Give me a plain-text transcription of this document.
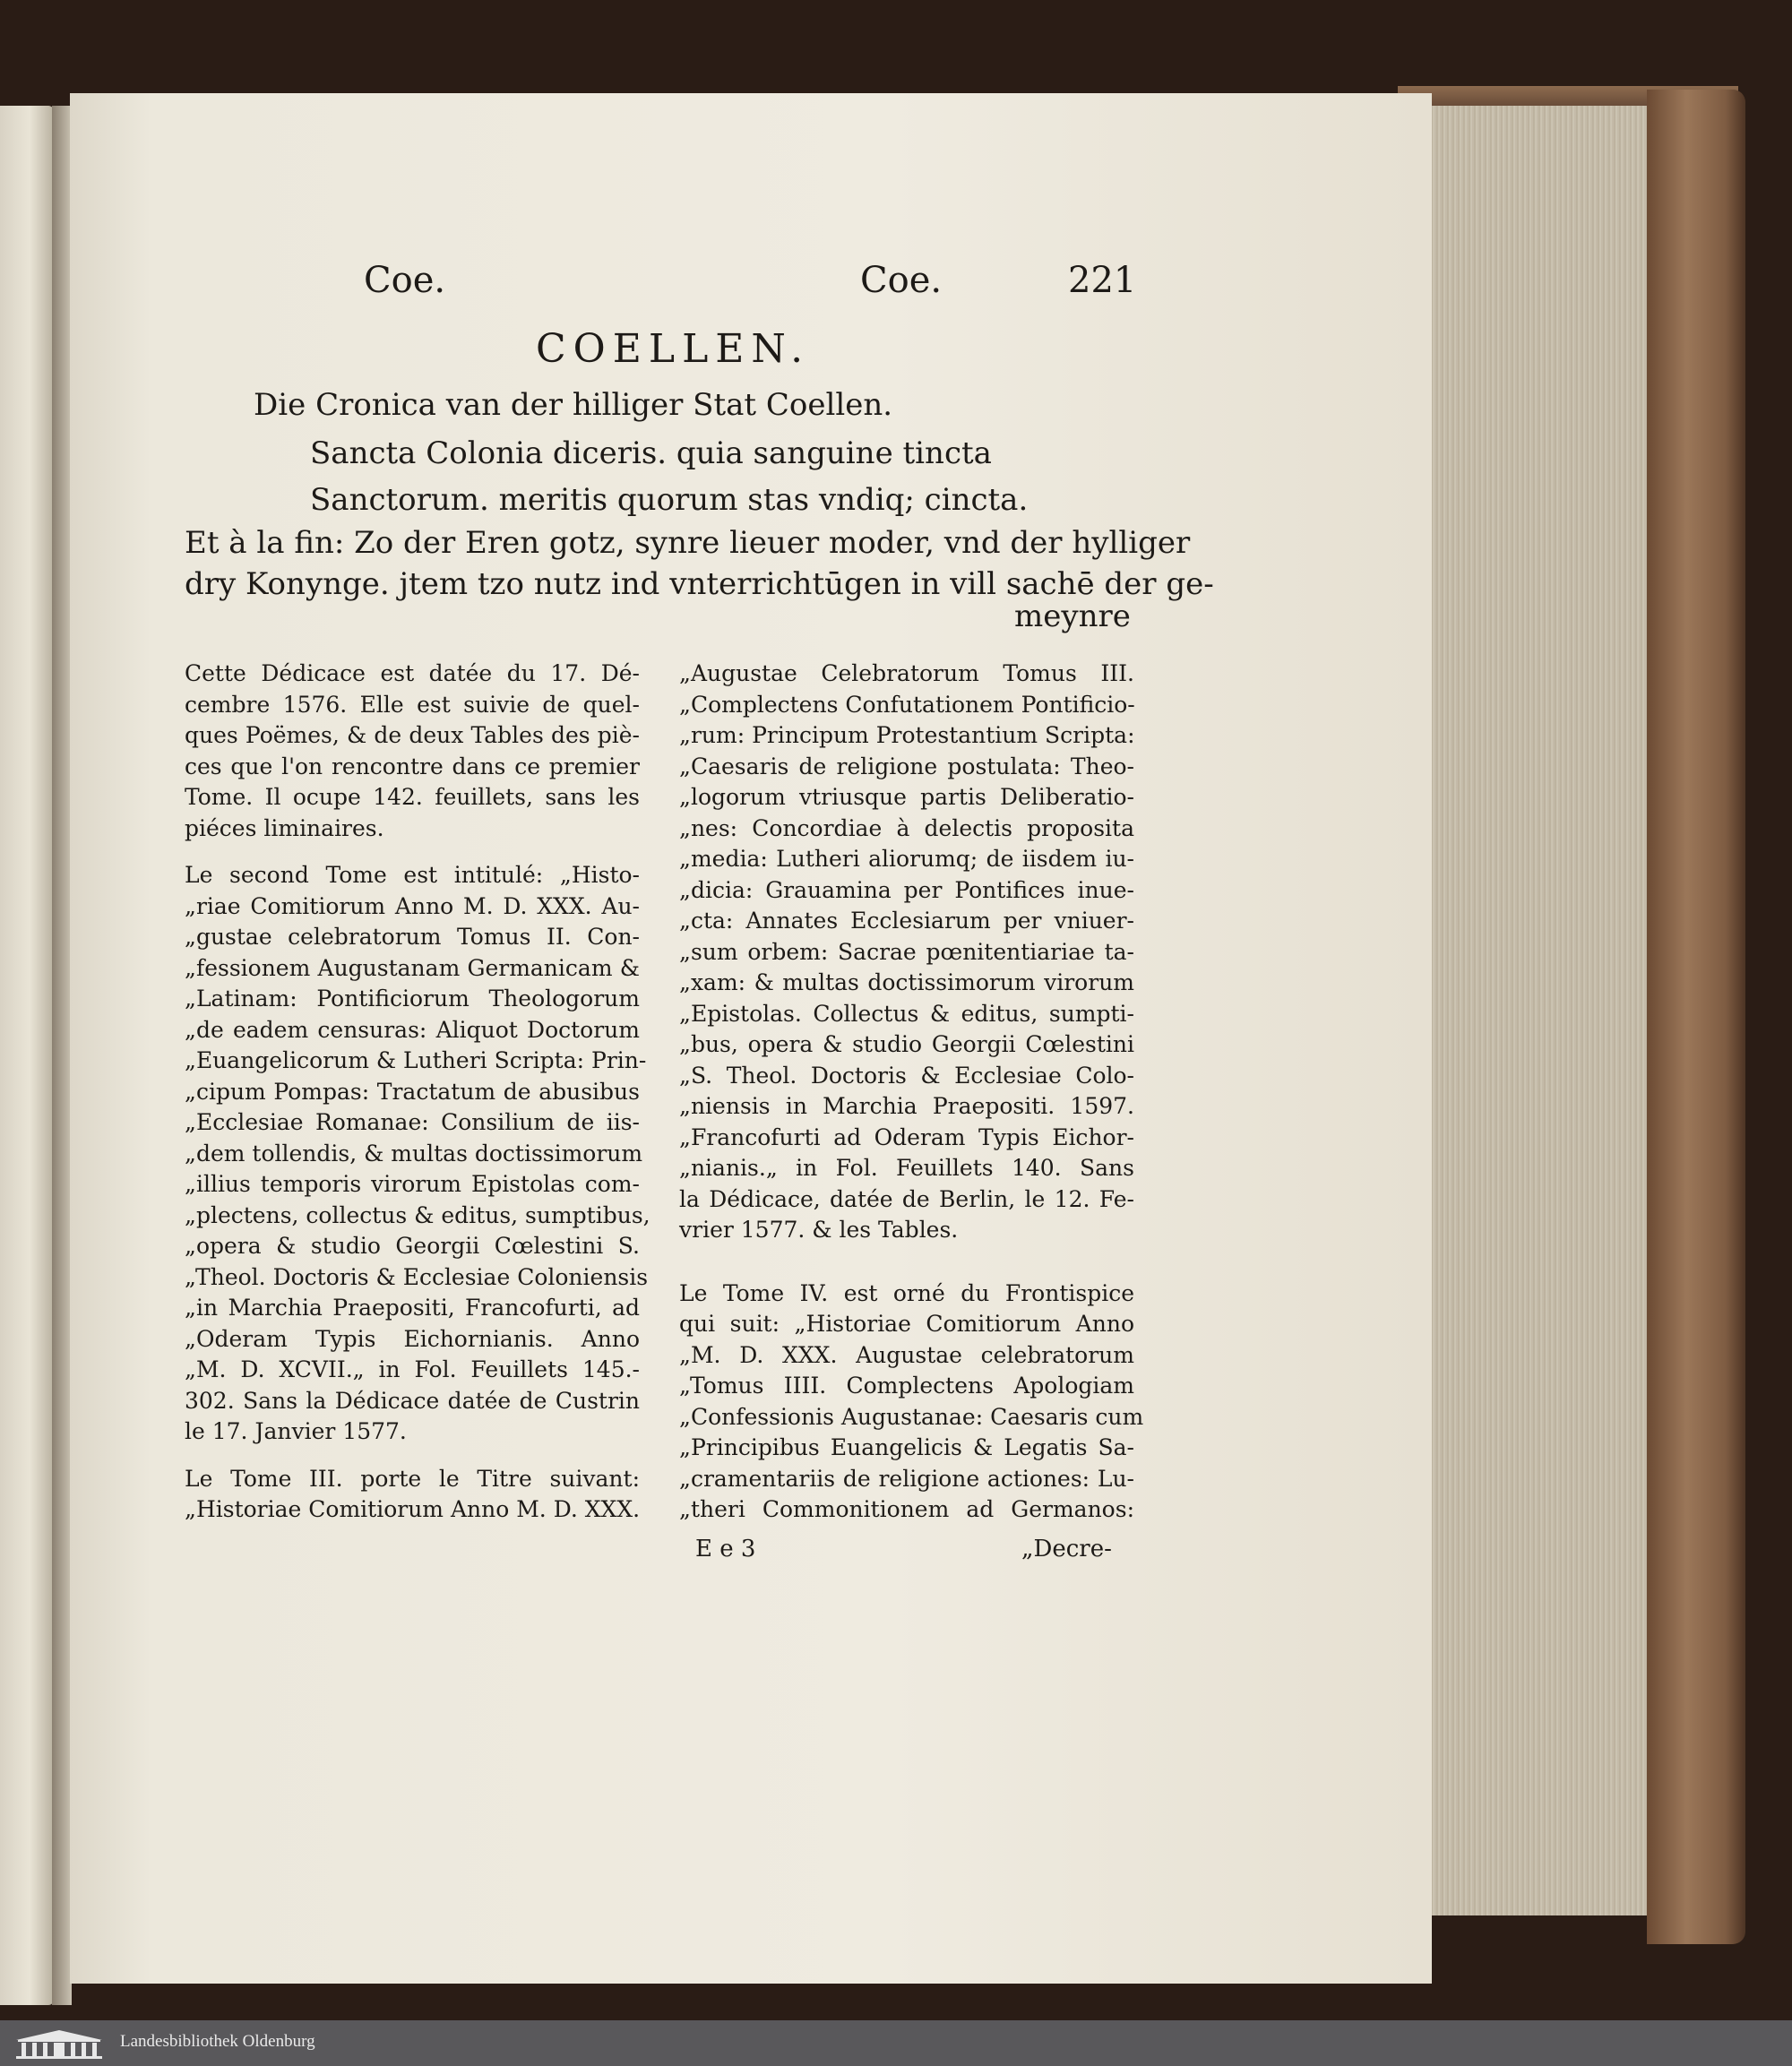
Coe.	Coe.	221
COELLEN.
Die Cronica van der hilliger Stat Coellen.
Sancta Colonia diceris. quia sanguine tincta
Sanctorum. meritis quorum stas vndiq; cincta.
Et à la fin: Zo der Eren gotz, synre lieuer moder, vnd der hylliger
dry Konynge. jtem tzo nutz ind vnterrichtūgen in vill sachē der ge-
meynre
Cette Dédicace est datée du 17. Dé-
cembre 1576. Elle est suivie de quel-
ques Poëmes, & de deux Tables des piè-
ces que l'on rencontre dans ce premier
Tome. Il ocupe 142. feuillets, sans les
piéces liminaires.
Le second Tome est intitulé: „Histo-
„riae Comitiorum Anno M. D. XXX. Au-
„gustae celebratorum Tomus II. Con-
„fessionem Augustanam Germanicam &
„Latinam: Pontificiorum Theologorum
„de eadem censuras: Aliquot Doctorum
„Euangelicorum & Lutheri Scripta: Prin-
„cipum Pompas: Tractatum de abusibus
„Ecclesiae Romanae: Consilium de iis-
„dem tollendis, & multas doctissimorum
„illius temporis virorum Epistolas com-
„plectens, collectus & editus, sumptibus,
„opera & studio Georgii Cœlestini S.
„Theol. Doctoris & Ecclesiae Coloniensis
„in Marchia Praepositi, Francofurti, ad
„Oderam Typis Eichornianis. Anno
„M. D. XCVII.„ in Fol. Feuillets 145.-
302. Sans la Dédicace datée de Custrin
le 17. Janvier 1577.
Le Tome III. porte le Titre suivant:
„Historiae Comitiorum Anno M. D. XXX.
„Augustae Celebratorum Tomus III.
„Complectens Confutationem Pontificio-
„rum: Principum Protestantium Scripta:
„Caesaris de religione postulata: Theo-
„logorum vtriusque partis Deliberatio-
„nes: Concordiae à delectis proposita
„media: Lutheri aliorumq; de iisdem iu-
„dicia: Grauamina per Pontifices inue-
„cta: Annates Ecclesiarum per vniuer-
„sum orbem: Sacrae pœnitentiariae ta-
„xam: & multas doctissimorum virorum
„Epistolas. Collectus & editus, sumpti-
„bus, opera & studio Georgii Cœlestini
„S. Theol. Doctoris & Ecclesiae Colo-
„niensis in Marchia Praepositi. 1597.
„Francofurti ad Oderam Typis Eichor-
„nianis.„ in Fol. Feuillets 140. Sans
la Dédicace, datée de Berlin, le 12. Fe-
vrier 1577. & les Tables.
Le Tome IV. est orné du Frontispice
qui suit: „Historiae Comitiorum Anno
„M. D. XXX. Augustae celebratorum
„Tomus IIII. Complectens Apologiam
„Confessionis Augustanae: Caesaris cum
„Principibus Euangelicis & Legatis Sa-
„cramentariis de religione actiones: Lu-
„theri Commonitionem ad Germanos:
E e 3	„Decre-
Landesbibliothek Oldenburg
